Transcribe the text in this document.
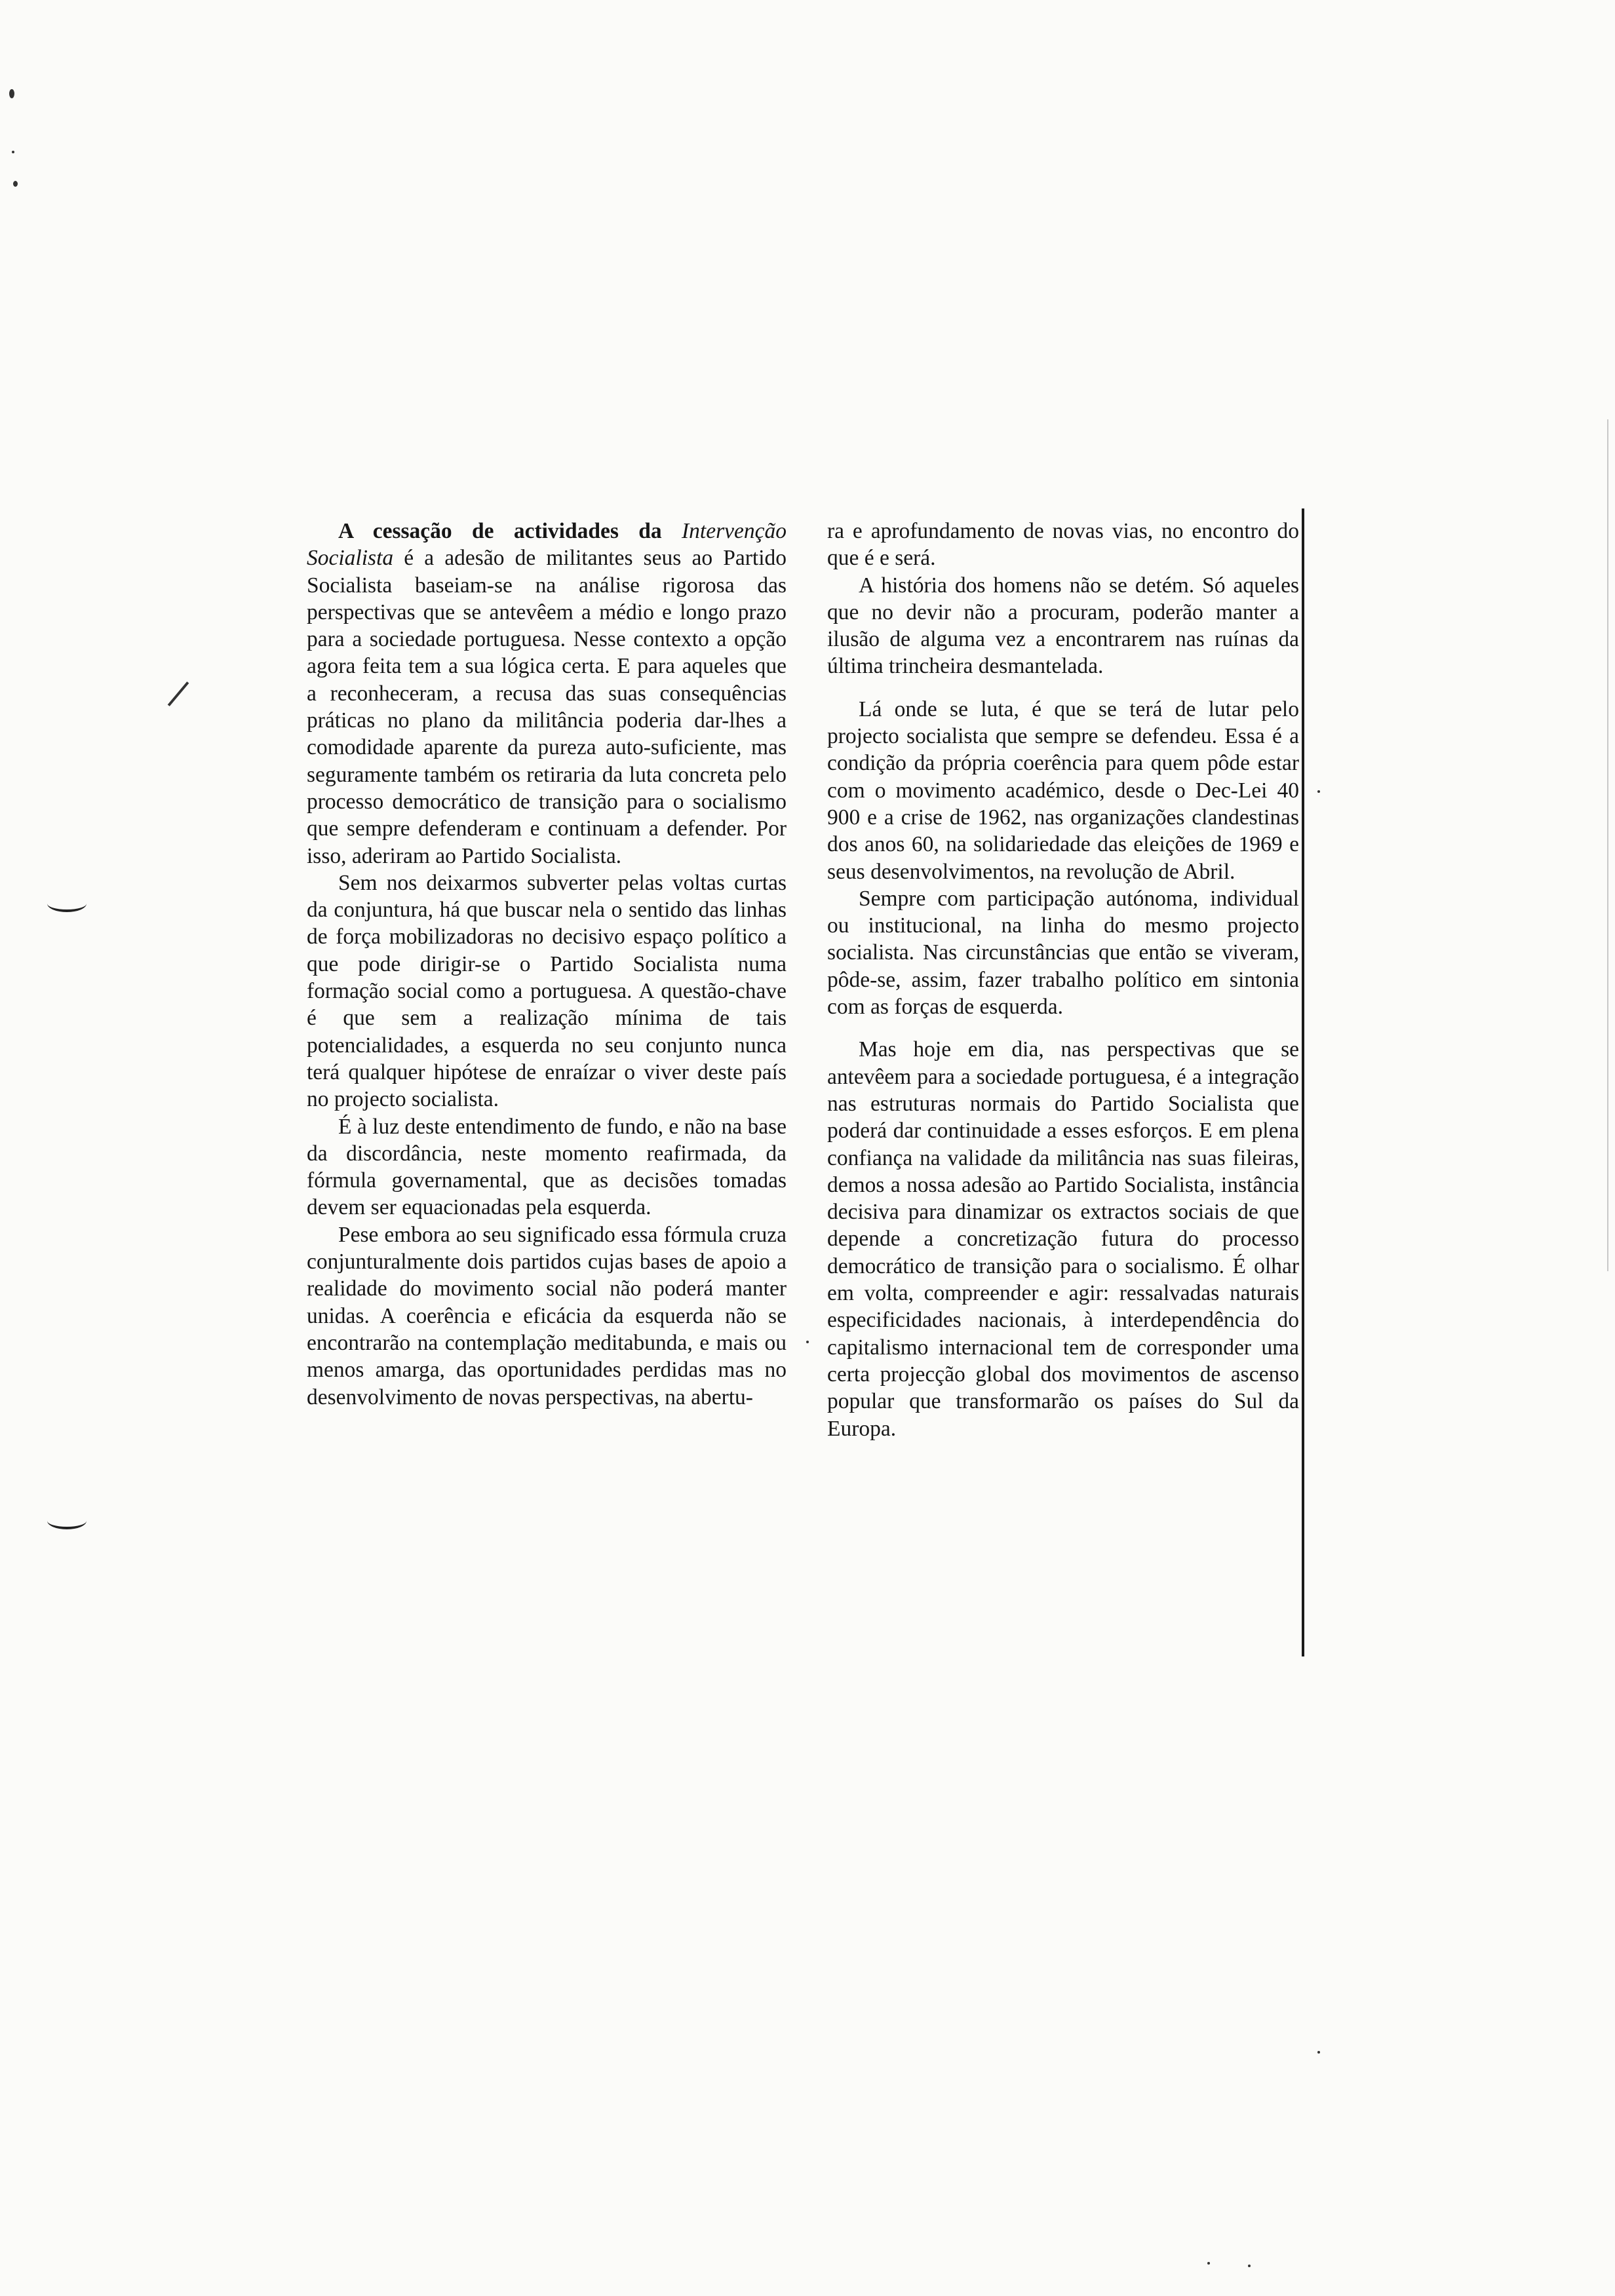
A cessação de actividades da Intervenção Socialista é a adesão de militantes seus ao Partido Socialista baseiam-se na análise rigorosa das perspectivas que se antevêem a médio e longo prazo para a sociedade portuguesa. Nesse contexto a opção agora feita tem a sua lógica certa. E para aqueles que a reconheceram, a recusa das suas consequências práticas no plano da militância poderia dar-lhes a comodidade aparente da pureza auto-suficiente, mas seguramente também os retiraria da luta concreta pelo processo democrático de transição para o socialismo que sempre defenderam e continuam a defender. Por isso, aderiram ao Partido Socialista.

Sem nos deixarmos subverter pelas voltas curtas da conjuntura, há que buscar nela o sentido das linhas de força mobilizadoras no decisivo espaço político a que pode dirigir-se o Partido Socialista numa formação social como a portuguesa. A questão-chave é que sem a realização mínima de tais potencialidades, a esquerda no seu conjunto nunca terá qualquer hipótese de enraízar o viver deste país no projecto socialista.

É à luz deste entendimento de fundo, e não na base da discordância, neste momento reafirmada, da fórmula governamental, que as decisões tomadas devem ser equacionadas pela esquerda.

Pese embora ao seu significado essa fórmula cruza conjunturalmente dois partidos cujas bases de apoio a realidade do movimento social não poderá manter unidas. A coerência e eficácia da esquerda não se encontrarão na contemplação meditabunda, e mais ou menos amarga, das oportunidades perdidas mas no desenvolvimento de novas perspectivas, na abertu-

ra e aprofundamento de novas vias, no encontro do que é e será.

A história dos homens não se detém. Só aqueles que no devir não a procuram, poderão manter a ilusão de alguma vez a encontrarem nas ruínas da última trincheira desmantelada.

Lá onde se luta, é que se terá de lutar pelo projecto socialista que sempre se defendeu. Essa é a condição da própria coerência para quem pôde estar com o movimento académico, desde o Dec-Lei 40 900 e a crise de 1962, nas organizações clandestinas dos anos 60, na solidariedade das eleições de 1969 e seus desenvolvimentos, na revolução de Abril.

Sempre com participação autónoma, individual ou institucional, na linha do mesmo projecto socialista. Nas circunstâncias que então se viveram, pôde-se, assim, fazer trabalho político em sintonia com as forças de esquerda.

Mas hoje em dia, nas perspectivas que se antevêem para a sociedade portuguesa, é a integração nas estruturas normais do Partido Socialista que poderá dar continuidade a esses esforços. E em plena confiança na validade da militância nas suas fileiras, demos a nossa adesão ao Partido Socialista, instância decisiva para dinamizar os extractos sociais de que depende a concretização futura do processo democrático de transição para o socialismo. É olhar em volta, compreender e agir: ressalvadas naturais especificidades nacionais, à interdependência do capitalismo internacional tem de corresponder uma certa projecção global dos movimentos de ascenso popular que transformarão os países do Sul da Europa.
